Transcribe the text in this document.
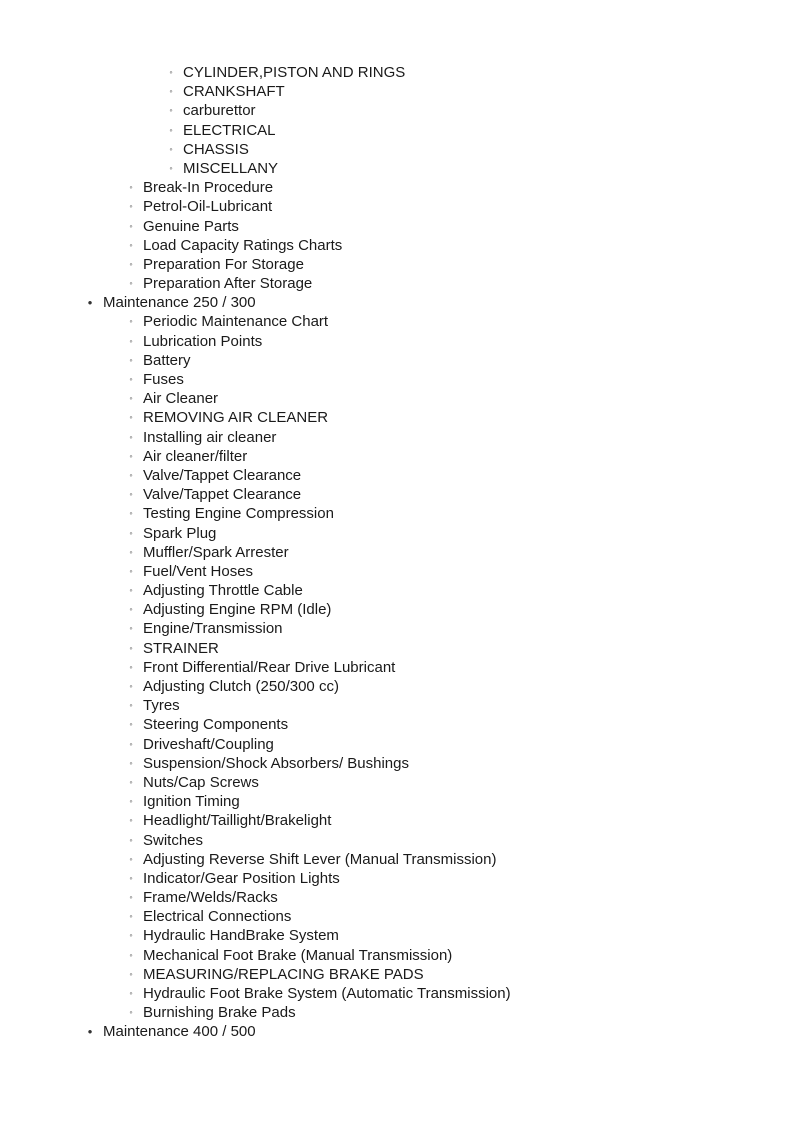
◦ CYLINDER,PISTON AND RINGS
◦ CRANKSHAFT
◦ carburettor
◦ ELECTRICAL
◦ CHASSIS
◦ MISCELLANY
◦ Break-In Procedure
◦ Petrol-Oil-Lubricant
◦ Genuine Parts
◦ Load Capacity Ratings Charts
◦ Preparation For Storage
◦ Preparation After Storage
• Maintenance 250 / 300
◦ Periodic Maintenance Chart
◦ Lubrication Points
◦ Battery
◦ Fuses
◦ Air Cleaner
◦ REMOVING AIR CLEANER
◦ Installing air cleaner
◦ Air cleaner/filter
◦ Valve/Tappet Clearance
◦ Valve/Tappet Clearance
◦ Testing Engine Compression
◦ Spark Plug
◦ Muffler/Spark Arrester
◦ Fuel/Vent Hoses
◦ Adjusting Throttle Cable
◦ Adjusting Engine RPM (Idle)
◦ Engine/Transmission
◦ STRAINER
◦ Front Differential/Rear Drive Lubricant
◦ Adjusting Clutch (250/300 cc)
◦ Tyres
◦ Steering Components
◦ Driveshaft/Coupling
◦ Suspension/Shock Absorbers/ Bushings
◦ Nuts/Cap Screws
◦ Ignition Timing
◦ Headlight/Taillight/Brakelight
◦ Switches
◦ Adjusting Reverse Shift Lever (Manual Transmission)
◦ Indicator/Gear Position Lights
◦ Frame/Welds/Racks
◦ Electrical Connections
◦ Hydraulic HandBrake System
◦ Mechanical Foot Brake (Manual Transmission)
◦ MEASURING/REPLACING BRAKE PADS
◦ Hydraulic Foot Brake System (Automatic Transmission)
◦ Burnishing Brake Pads
• Maintenance 400 / 500
